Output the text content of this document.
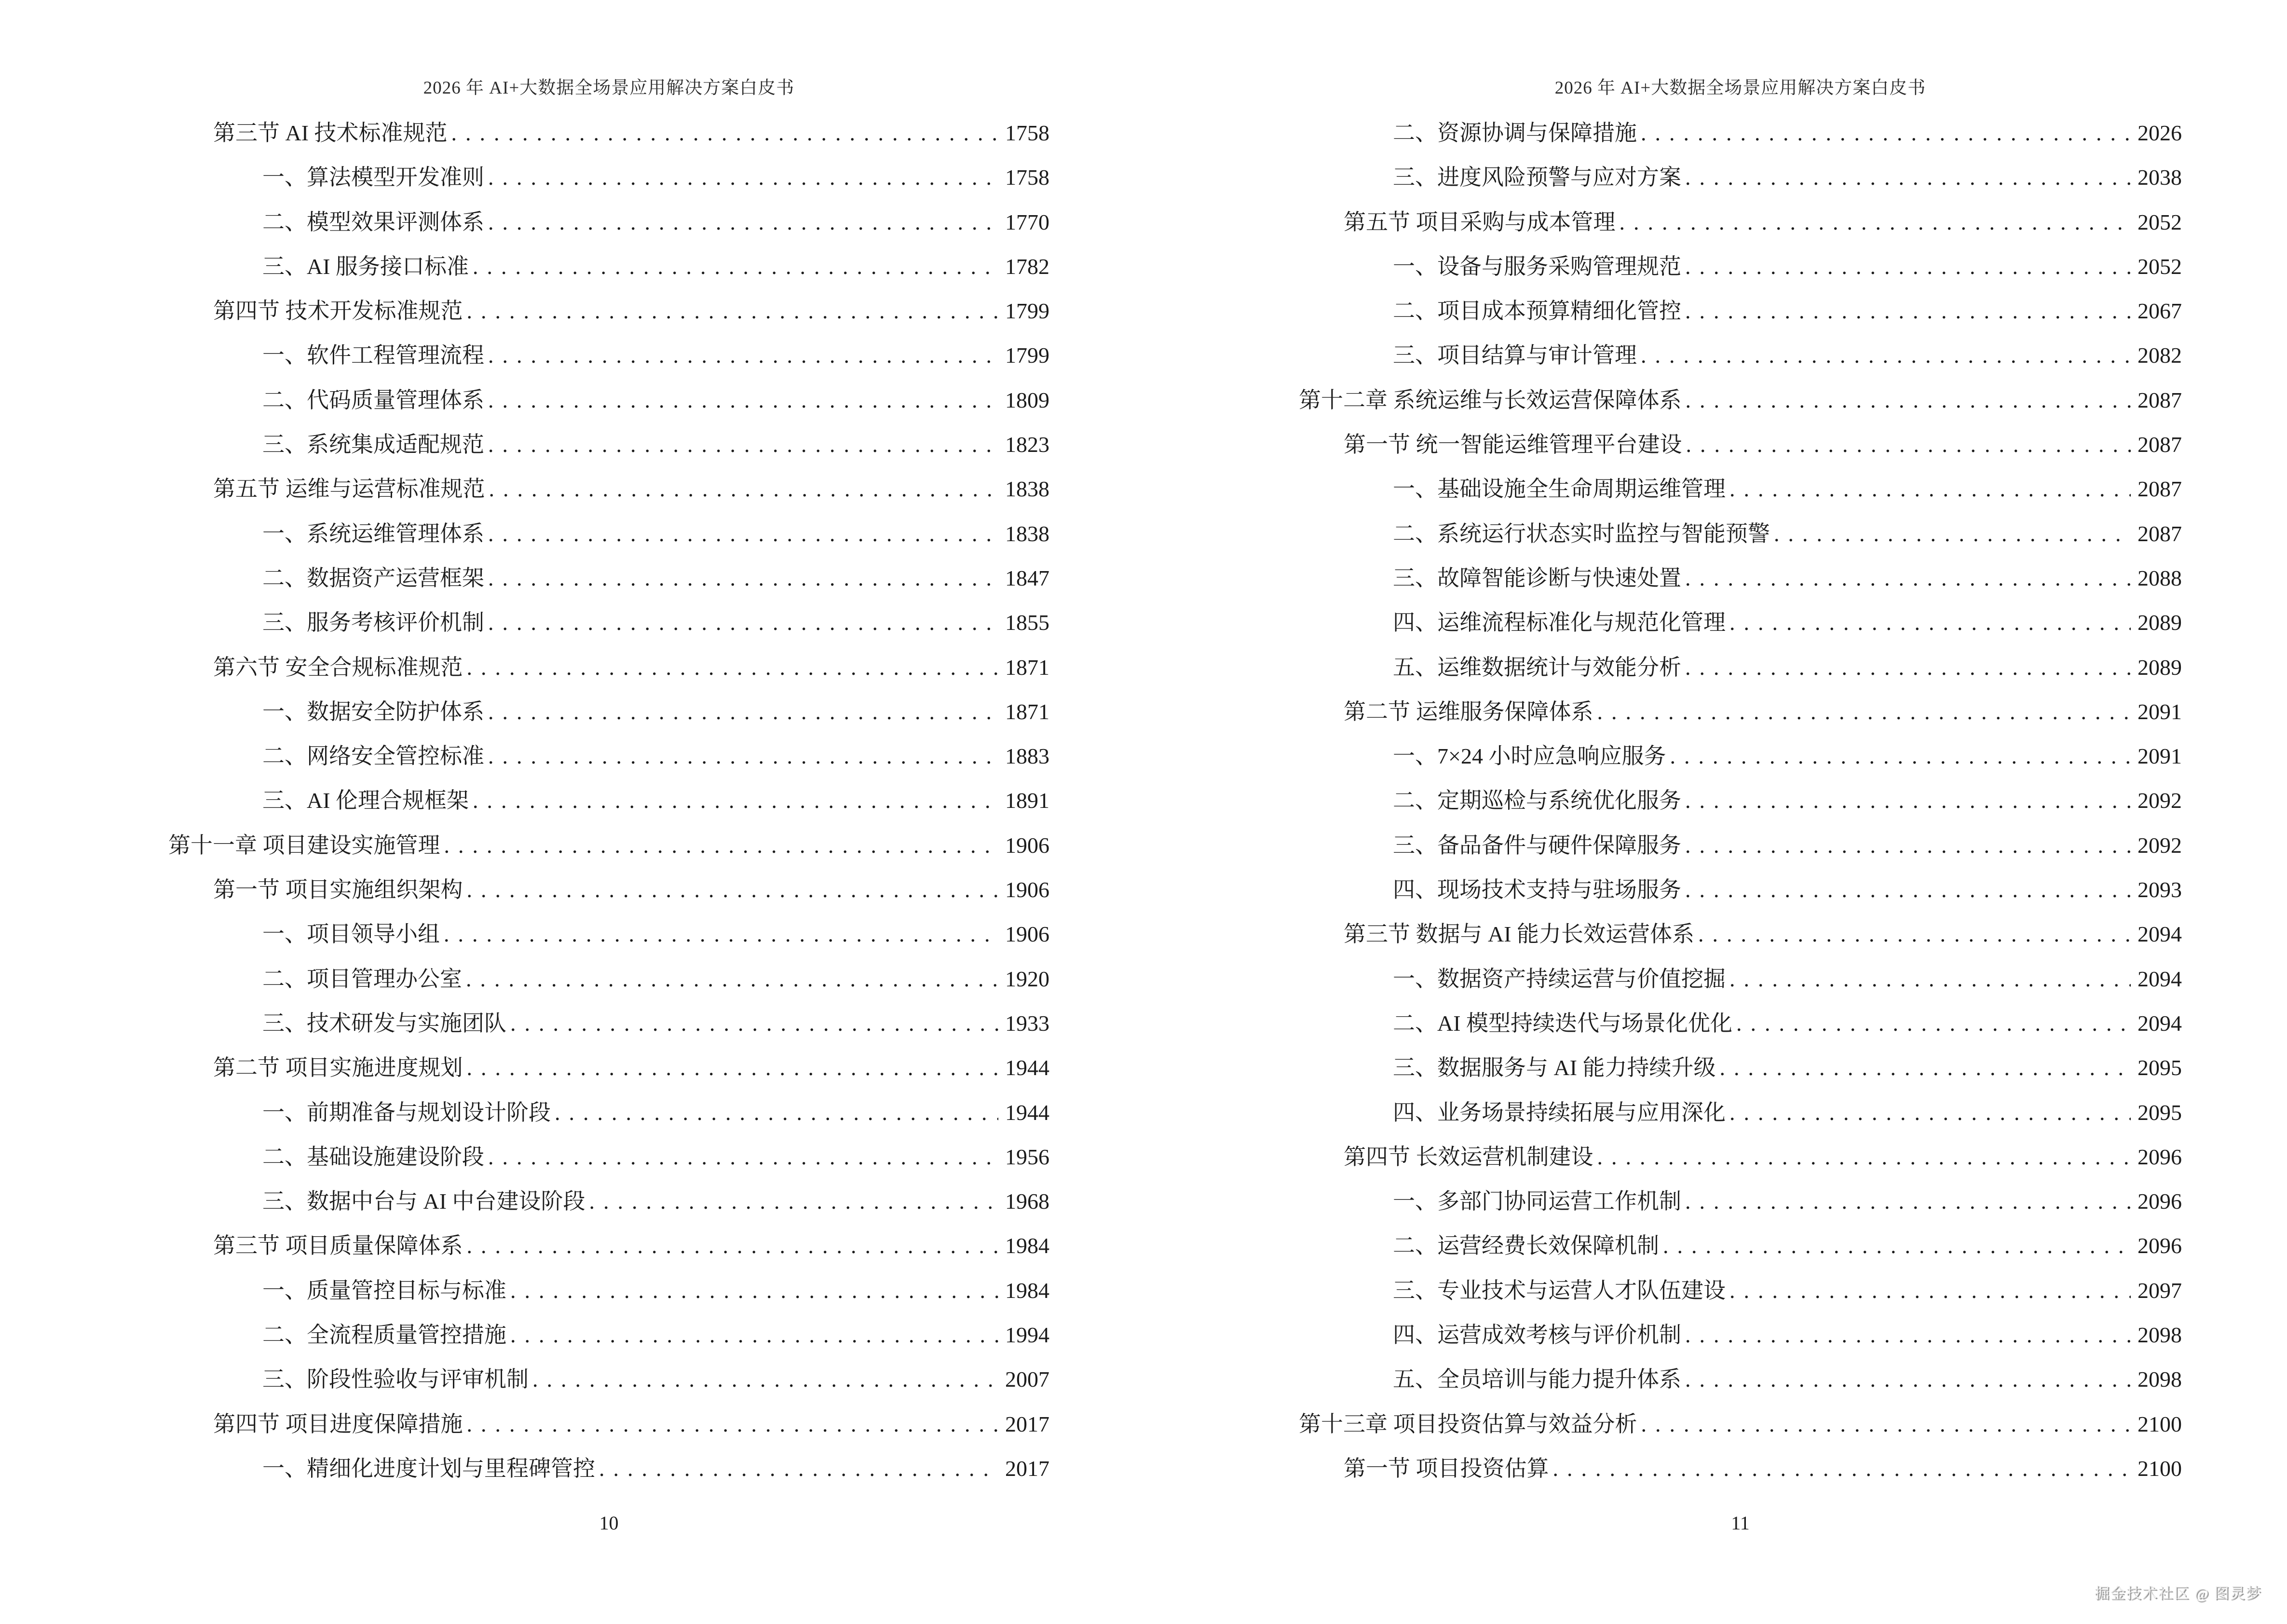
2026 年 AI+大数据全场景应用解决方案白皮书
第三节 AI 技术标准规范 .....	1758
一、算法模型开发准则 .....	1758
二、模型效果评测体系 .....	1770
三、AI 服务接口标准 .....	1782
第四节 技术开发标准规范 .....	1799
一、软件工程管理流程 .....	1799
二、代码质量管理体系 .....	1809
三、系统集成适配规范 .....	1823
第五节 运维与运营标准规范 .....	1838
一、系统运维管理体系 .....	1838
二、数据资产运营框架 .....	1847
三、服务考核评价机制 .....	1855
第六节 安全合规标准规范 .....	1871
一、数据安全防护体系 .....	1871
二、网络安全管控标准 .....	1883
三、AI 伦理合规框架 .....	1891
第十一章 项目建设实施管理 .....	1906
第一节 项目实施组织架构 .....	1906
一、项目领导小组 .....	1906
二、项目管理办公室 .....	1920
三、技术研发与实施团队 .....	1933
第二节 项目实施进度规划 .....	1944
一、前期准备与规划设计阶段 .....	1944
二、基础设施建设阶段 .....	1956
三、数据中台与 AI 中台建设阶段 .....	1968
第三节 项目质量保障体系 .....	1984
一、质量管控目标与标准 .....	1984
二、全流程质量管控措施 .....	1994
三、阶段性验收与评审机制 .....	2007
第四节 项目进度保障措施 .....	2017
一、精细化进度计划与里程碑管控 .....	2017
10
2026 年 AI+大数据全场景应用解决方案白皮书
二、资源协调与保障措施 .....	2026
三、进度风险预警与应对方案 .....	2038
第五节 项目采购与成本管理 .....	2052
一、设备与服务采购管理规范 .....	2052
二、项目成本预算精细化管控 .....	2067
三、项目结算与审计管理 .....	2082
第十二章 系统运维与长效运营保障体系 .....	2087
第一节 统一智能运维管理平台建设 .....	2087
一、基础设施全生命周期运维管理 .....	2087
二、系统运行状态实时监控与智能预警 .....	2087
三、故障智能诊断与快速处置 .....	2088
四、运维流程标准化与规范化管理 .....	2089
五、运维数据统计与效能分析 .....	2089
第二节 运维服务保障体系 .....	2091
一、7×24 小时应急响应服务 .....	2091
二、定期巡检与系统优化服务 .....	2092
三、备品备件与硬件保障服务 .....	2092
四、现场技术支持与驻场服务 .....	2093
第三节 数据与 AI 能力长效运营体系 .....	2094
一、数据资产持续运营与价值挖掘 .....	2094
二、AI 模型持续迭代与场景化优化 .....	2094
三、数据服务与 AI 能力持续升级 .....	2095
四、业务场景持续拓展与应用深化 .....	2095
第四节 长效运营机制建设 .....	2096
一、多部门协同运营工作机制 .....	2096
二、运营经费长效保障机制 .....	2096
三、专业技术与运营人才队伍建设 .....	2097
四、运营成效考核与评价机制 .....	2098
五、全员培训与能力提升体系 .....	2098
第十三章 项目投资估算与效益分析 .....	2100
第一节 项目投资估算 .....	2100
11
掘金技术社区 @ 图灵梦
